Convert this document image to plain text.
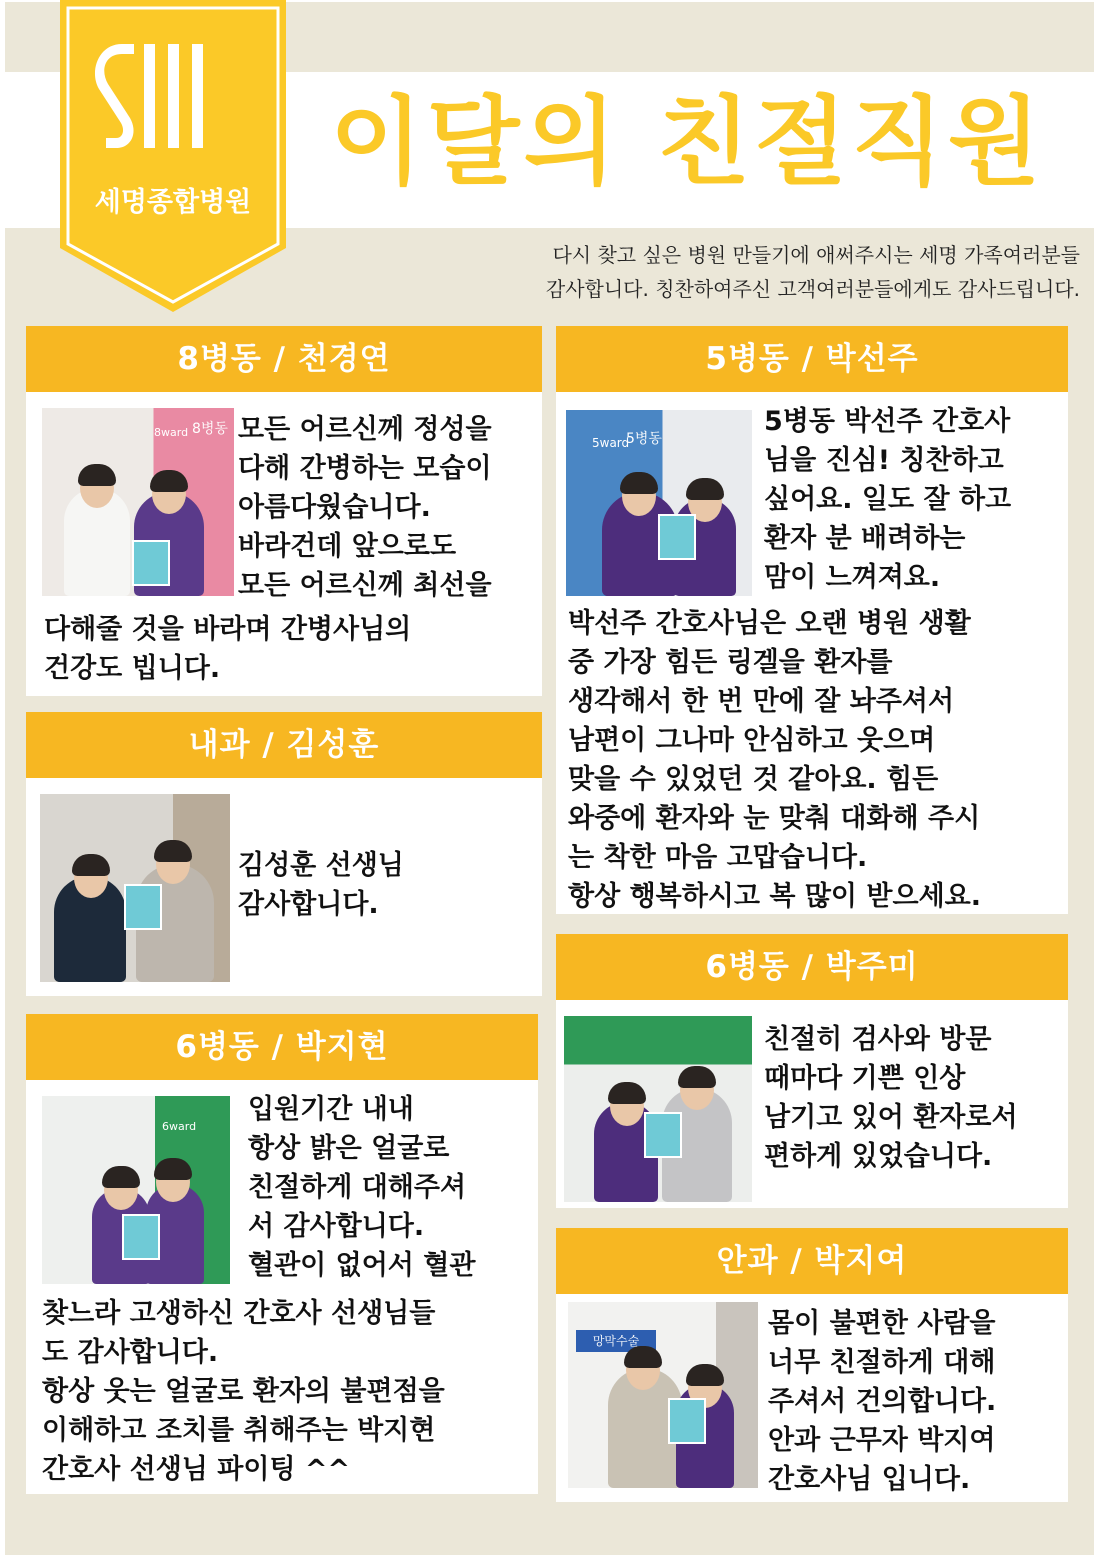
세명종합병원
이달의 친절직원
다시 찾고 싶은 병원 만들기에 애써주시는 세명 가족여러분들
감사합니다. 칭찬하여주신 고객여러분들에게도 감사드립니다.
8병동 / 천경연
8ward 8병동 모든 어르신께 정성을
다해 간병하는 모습이
아름다웠습니다.
바라건데 앞으로도
모든 어르신께 최선을
다해줄 것을 바라며 간병사님의
건강도 빕니다.
내과 / 김성훈
김성훈 선생님
감사합니다.
6병동 / 박지현
6ward
입원기간 내내
항상 밝은 얼굴로
친절하게 대해주셔
서 감사합니다.
혈관이 없어서 혈관
찾느라 고생하신 간호사 선생님들
도 감사합니다.
항상 웃는 얼굴로 환자의 불편점을
이해하고 조치를 취해주는 박지현
간호사 선생님 파이팅 ^^
5병동 / 박선주
5ward
5병동
5병동 박선주 간호사
님을 진심! 칭찬하고
싶어요. 일도 잘 하고
환자 분 배려하는
맘이 느껴져요.
박선주 간호사님은 오랜 병원 생활
중 가장 힘든 링겔을 환자를
생각해서 한 번 만에 잘 놔주셔서
남편이 그나마 안심하고 웃으며
맞을 수 있었던 것 같아요. 힘든
와중에 환자와 눈 맞춰 대화해 주시
는 착한 마음 고맙습니다.
항상 행복하시고 복 많이 받으세요.
6병동 / 박주미
친절히 검사와 방문
때마다 기쁜 인상
남기고 있어 환자로서
편하게 있었습니다.
안과 / 박지여
망막수술
몸이 불편한 사람을
너무 친절하게 대해
주셔서 건의합니다.
안과 근무자 박지여
간호사님 입니다.
